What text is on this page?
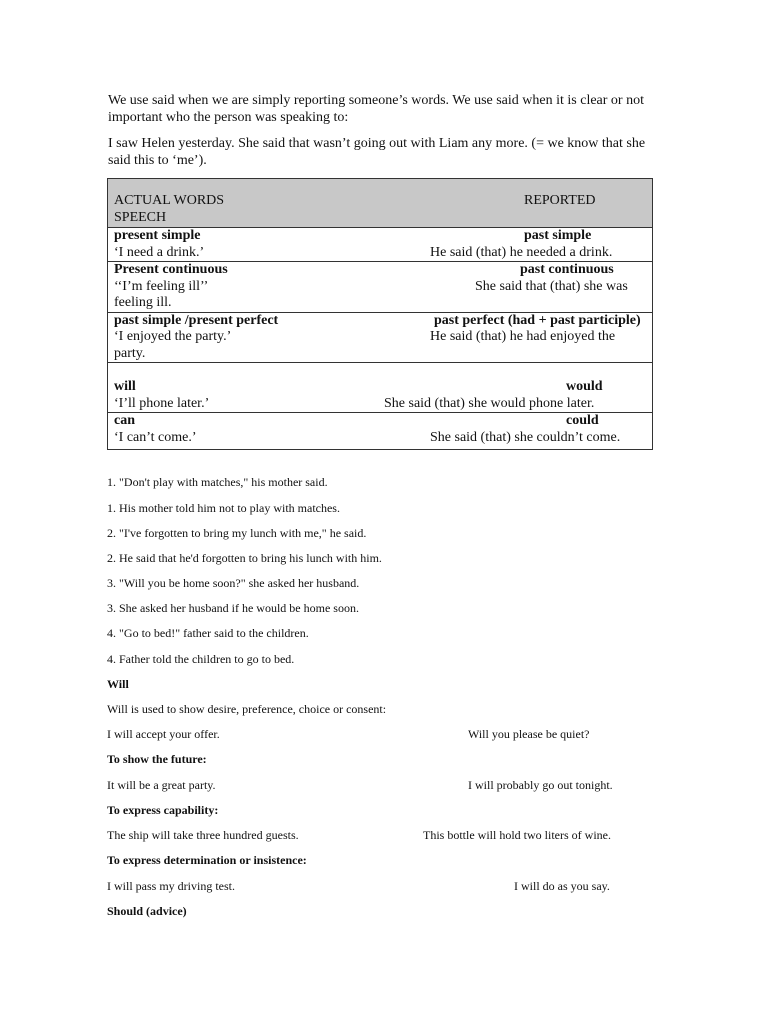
We use said when we are simply reporting someone’s words. We use said when it is clear or not important who the person was speaking to:
I saw Helen yesterday. She said that wasn’t going out with Liam any more. (= we know that she said this to ‘me’).
ACTUAL WORDS	REPORTED
SPEECH

present simple	past simple
‘I need a drink.’	He said (that) he needed a drink.

Present continuous	past continuous
‘‘I’m feeling ill’’	She said that (that) she was
feeling ill.

past simple /present perfect	past perfect (had + past participle)
‘I enjoyed the party.’	He said (that) he had enjoyed the
party.

will	would
‘I’ll phone later.’	She said (that) she would phone later.

can	could
‘I can’t come.’	She said (that) she couldn’t come.
1. "Don't play with matches," his mother said.
1. His mother told him not to play with matches.
2. "I've forgotten to bring my lunch with me," he said.
2. He said that he'd forgotten to bring his lunch with him.
3. "Will you be home soon?" she asked her husband.
3. She asked her husband if he would be home soon.
4. "Go to bed!" father said to the children.
4. Father told the children to go to bed.
Will
Will is used to show desire, preference, choice or consent:
I will accept your offer.	Will you please be quiet?
To show the future:
It will be a great party.	I will probably go out tonight.
To express capability:
The ship will take three hundred guests.	This bottle will hold two liters of wine.
To express determination or insistence:
I will pass my driving test.	I will do as you say.
Should (advice)
